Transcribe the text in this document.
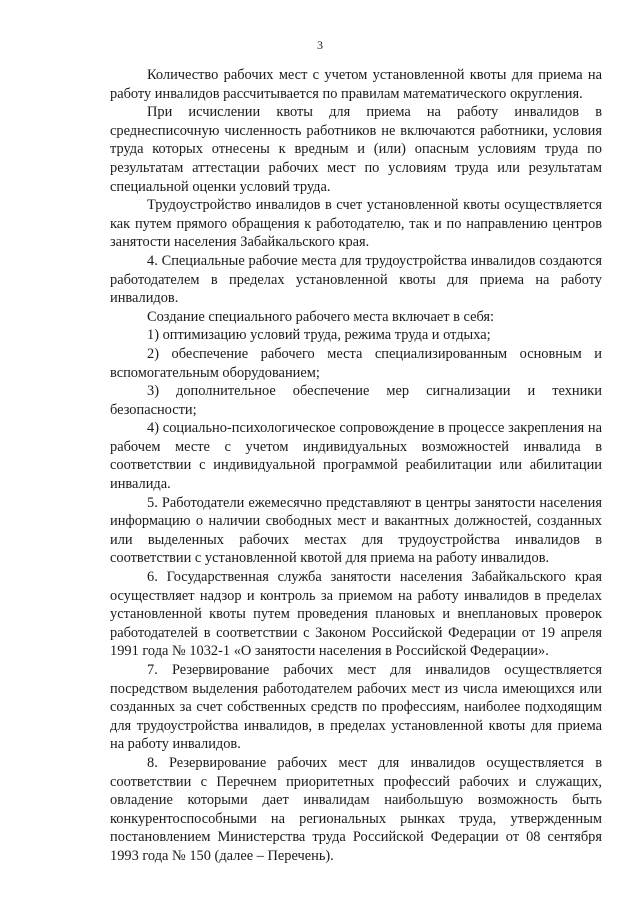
3

Количество рабочих мест с учетом установленной квоты для приема на работу инвалидов рассчитывается по правилам математического округления.

При исчислении квоты для приема на работу инвалидов в среднесписочную численность работников не включаются работники, условия труда которых отнесены к вредным и (или) опасным условиям труда по результатам аттестации рабочих мест по условиям труда или результатам специальной оценки условий труда.

Трудоустройство инвалидов в счет установленной квоты осуществляется как путем прямого обращения к работодателю, так и по направлению центров занятости населения Забайкальского края.

4. Специальные рабочие места для трудоустройства инвалидов создаются работодателем в пределах установленной квоты для приема на работу инвалидов.

Создание специального рабочего места включает в себя:

1) оптимизацию условий труда, режима труда и отдыха;

2) обеспечение рабочего места специализированным основным и вспомогательным оборудованием;

3) дополнительное обеспечение мер сигнализации и техники безопасности;

4) социально-психологическое сопровождение в процессе закрепления на рабочем месте с учетом индивидуальных возможностей инвалида в соответствии с индивидуальной программой реабилитации или абилитации инвалида.

5. Работодатели ежемесячно представляют в центры занятости населения информацию о наличии свободных мест и вакантных должностей, созданных или выделенных рабочих местах для трудоустройства инвалидов в соответствии с установленной квотой для приема на работу инвалидов.

6. Государственная служба занятости населения Забайкальского края осуществляет надзор и контроль за приемом на работу инвалидов в пределах установленной квоты путем проведения плановых и внеплановых проверок работодателей в соответствии с Законом Российской Федерации от 19 апреля 1991 года № 1032-1 «О занятости населения в Российской Федерации».

7. Резервирование рабочих мест для инвалидов осуществляется посредством выделения работодателем рабочих мест из числа имеющихся или созданных за счет собственных средств по профессиям, наиболее подходящим для трудоустройства инвалидов, в пределах установленной квоты для приема на работу инвалидов.

8. Резервирование рабочих мест для инвалидов осуществляется в соответствии с Перечнем приоритетных профессий рабочих и служащих, овладение которыми дает инвалидам наибольшую возможность быть конкурентоспособными на региональных рынках труда, утвержденным постановлением Министерства труда Российской Федерации от 08 сентября 1993 года № 150 (далее – Перечень).
